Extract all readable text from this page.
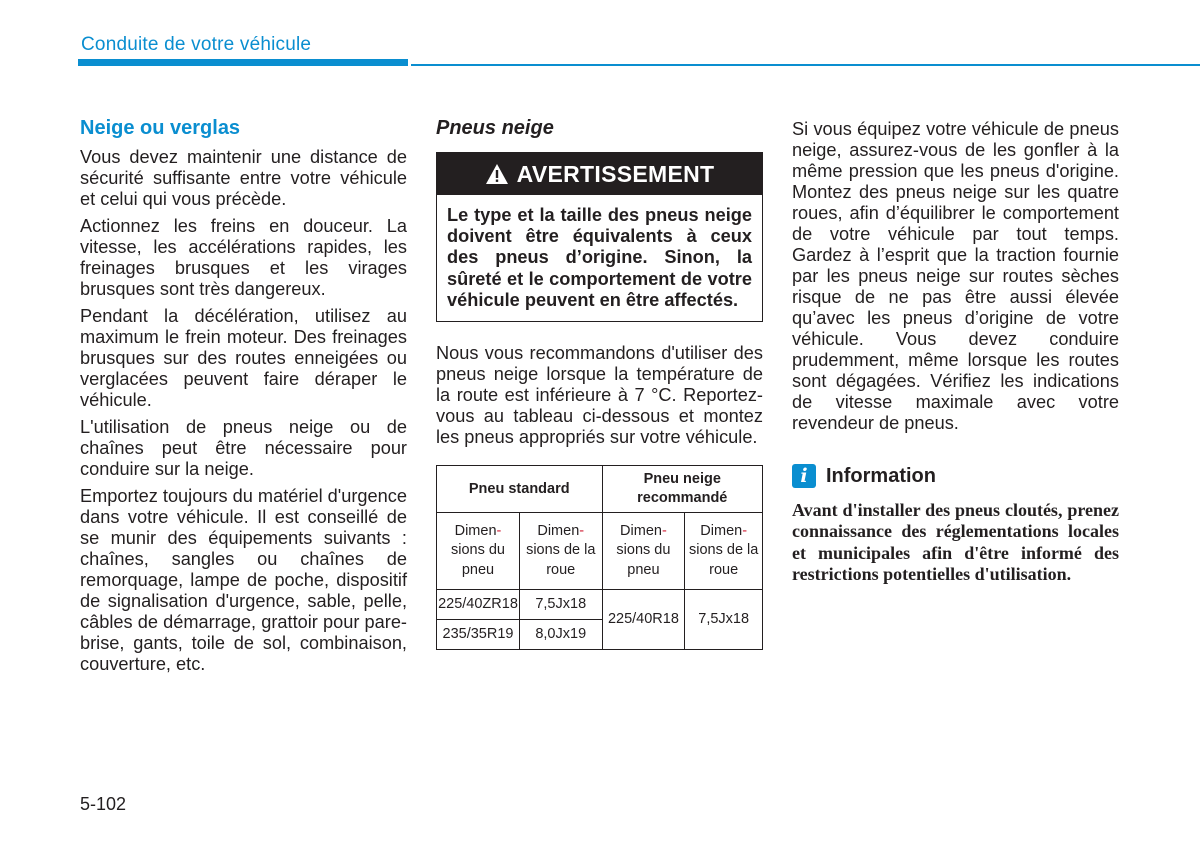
Conduite de votre véhicule
Neige ou verglas

Vous devez maintenir une distance de sécurité suffisante entre votre véhicule et celui qui vous précède.

Actionnez les freins en douceur. La vitesse, les accélérations rapides, les freinages brusques et les virages brusques sont très dangereux.

Pendant la décélération, utilisez au maximum le frein moteur. Des freinages brusques sur des routes enneigées ou verglacées peuvent faire déraper le véhicule.

L'utilisation de pneus neige ou de chaînes peut être nécessaire pour conduire sur la neige.

Emportez toujours du matériel d'urgence dans votre véhicule. Il est conseillé de se munir des équipements suivants : chaînes, sangles ou chaînes de remorquage, lampe de poche, dispositif de signalisation d'urgence, sable, pelle, câbles de démarrage, grattoir pour pare-brise, gants, toile de sol, combinaison, couverture, etc.

Pneus neige
AVERTISSEMENT
Le type et la taille des pneus neige doivent être équivalents à ceux des pneus d’origine. Sinon, la sûreté et le comportement de votre véhicule peuvent en être affectés.

Nous vous recommandons d'utiliser des pneus neige lorsque la température de la route est inférieure à 7 °C. Reportez-vous au tableau ci-dessous et montez les pneus appropriés sur votre véhicule.

Pneu standard		Pneu neige recommandé	
Dimen-
sions du
pneu	Dimen-
sions de la
roue	Dimen-
sions du
pneu	Dimen-
sions de la
roue
225/40ZR18	7,5Jx18	225/40R18	7,5Jx18
235/35R19	8,0Jx19		

Si vous équipez votre véhicule de pneus neige, assurez-vous de les gonfler à la même pression que les pneus d'origine. Montez des pneus neige sur les quatre roues, afin d’équilibrer le comportement de votre véhicule par tout temps. Gardez à l’esprit que la traction fournie par les pneus neige sur routes sèches risque de ne pas être aussi élevée qu’avec les pneus d’origine de votre véhicule. Vous devez conduire prudemment, même lorsque les routes sont dégagées. Vérifiez les indications de vitesse maximale avec votre revendeur de pneus.

i Information
Avant d'installer des pneus cloutés, prenez connaissance des réglementations locales et municipales afin d'être informé des restrictions potentielles d'utilisation.
5-102
